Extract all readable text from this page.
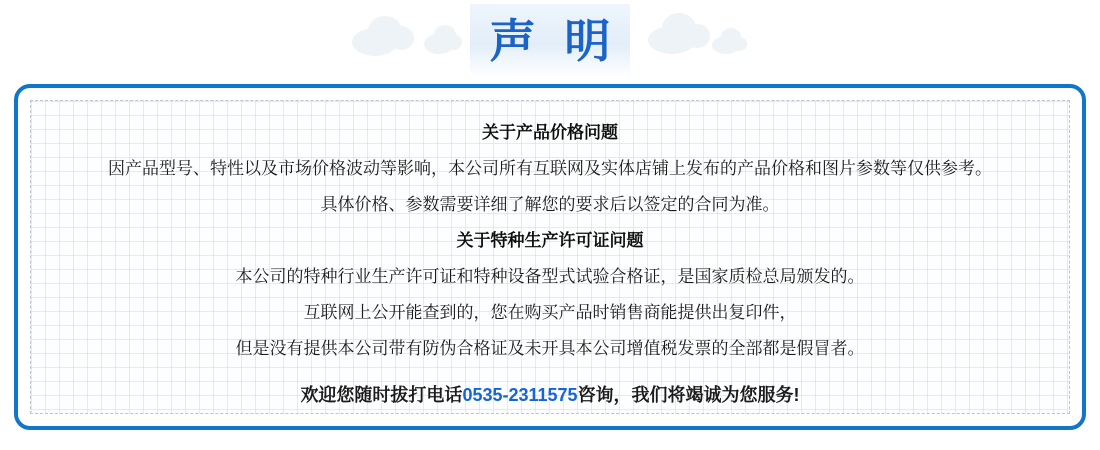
声 明
关于产品价格问题
因产品型号、特性以及市场价格波动等影响，本公司所有互联网及实体店铺上发布的产品价格和图片参数等仅供参考。
具体价格、参数需要详细了解您的要求后以签定的合同为准。
关于特种生产许可证问题
本公司的特种行业生产许可证和特种设备型式试验合格证，是国家质检总局颁发的。
互联网上公开能查到的，您在购买产品时销售商能提供出复印件，
但是没有提供本公司带有防伪合格证及未开具本公司增值税发票的全部都是假冒者。
欢迎您随时拔打电话0535-2311575咨询，我们将竭诚为您服务!
